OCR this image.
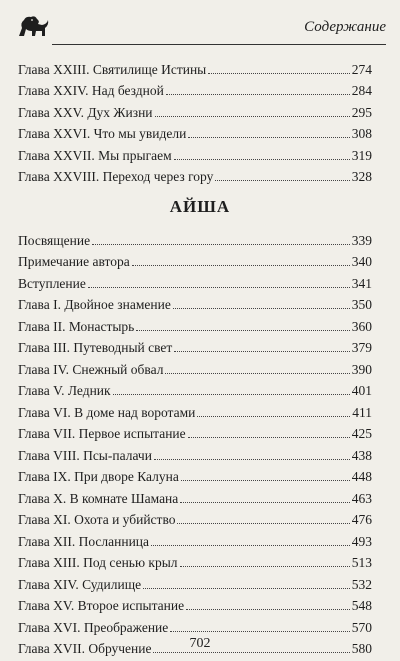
Содержание
Глава XXIII. Святилище Истины	274
Глава XXIV. Над бездной	284
Глава XXV. Дух Жизни	295
Глава XXVI. Что мы увидели	308
Глава XXVII. Мы прыгаем	319
Глава XXVIII. Переход через гору	328
АЙША
Посвящение	339
Примечание автора	340
Вступление	341
Глава I. Двойное знамение	350
Глава II. Монастырь	360
Глава III. Путеводный свет	379
Глава IV. Снежный обвал	390
Глава V. Ледник	401
Глава VI. В доме над воротами	411
Глава VII. Первое испытание	425
Глава VIII. Псы-палачи	438
Глава IX. При дворе Калуна	448
Глава X. В комнате Шамана	463
Глава XI. Охота и убийство	476
Глава XII. Посланница	493
Глава XIII. Под сенью крыл	513
Глава XIV. Судилище	532
Глава XV. Второе испытание	548
Глава XVI. Преображение	570
Глава XVII. Обручение	580
702
